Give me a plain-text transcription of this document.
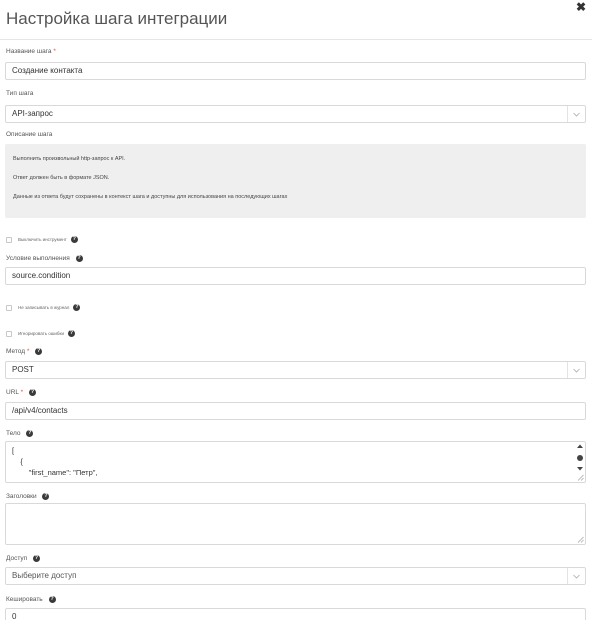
Настройка шага интеграции
✖
Название шага *
Создание контакта
Тип шага
API-запрос
Описание шага

Выполнить произвольный http-запрос к API.

Ответ должен быть в формате JSON.

Данные из ответа будут сохранены в контекст шага и доступны для использования на последующих шагах

Выключить инструмент	?
Условие выполнения ?
source.condition
Не записывать в журнал	?
Игнорировать ошибки	?
Метод * ?
POST
URL * ?
/api/v4/contacts
Тело ?
[
{
"first_name": "Петр",
Заголовки ?
Доступ ?
Выберите доступ
Кешировать ?
0
